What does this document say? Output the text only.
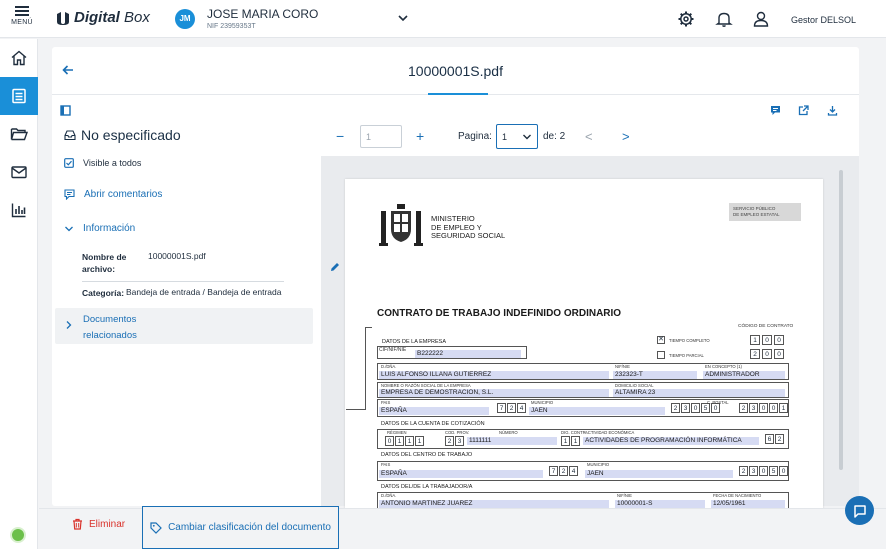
MENÚ	Digital Box	JM	JOSE MARIA CORO
NIF 23959353T
Gestor DELSOL
10000001S.pdf
No especificado
Visible a todos
Abrir comentarios
Información
Nombre de archivo:
10000001S.pdf
Categoría: Bandeja de entrada / Bandeja de entrada
Documentos relacionados
−	1	+	Pagina:	1	de: 2 < >
MINISTERIO
DE EMPLEO Y
SEGURIDAD SOCIAL
SERVICIO PÚBLICO
DE EMPLEO ESTATAL
CONTRATO DE TRABAJO INDEFINIDO ORDINARIO
CÓDIGO DE CONTRATO
DATOS DE LA EMPRESA	✕ TIEMPO COMPLETO
TIEMPO PARCIAL
1	0	0
2	0	0
CIF/NIF/NIE	B222222
D./DÑA.
LUIS ALFONSO ILLANA GUTIERREZ
NIF/NIE
232323-T
EN CONCEPTO (1)
ADMINISTRADOR
NOMBRE O RAZÓN SOCIAL DE LA EMPRESA
EMPRESA DE DEMOSTRACION, S.L.
DOMICILIO SOCIAL
ALTAMIRA 23
PAIS
ESPAÑA	7 2 4
MUNICIPIO
JAEN	2 3 0 5 0
C. POSTAL
2 3 0 0 1
DATOS DE LA CUENTA DE COTIZACIÓN
RÉGIMEN
0 1 1 1
COD. PROV.
2 3
NÚMERO
1111111
DIG. CONTR.
1 1
ACTIVIDAD ECONÓMICA
ACTIVIDADES DE PROGRAMACIÓN INFORMÁTICA	6 2
DATOS DEL CENTRO DE TRABAJO
PAIS
ESPAÑA	7 2 4
MUNICIPIO
JAEN	2 3 0 5 0
DATOS DEL/DE LA TRABAJADOR/A
D./DÑA.
ANTONIO MARTINEZ JUAREZ
NIF/NIE
10000001-S
FECHA DE NACIMIENTO
12/05/1961
Eliminar	Cambiar clasificación del documento
